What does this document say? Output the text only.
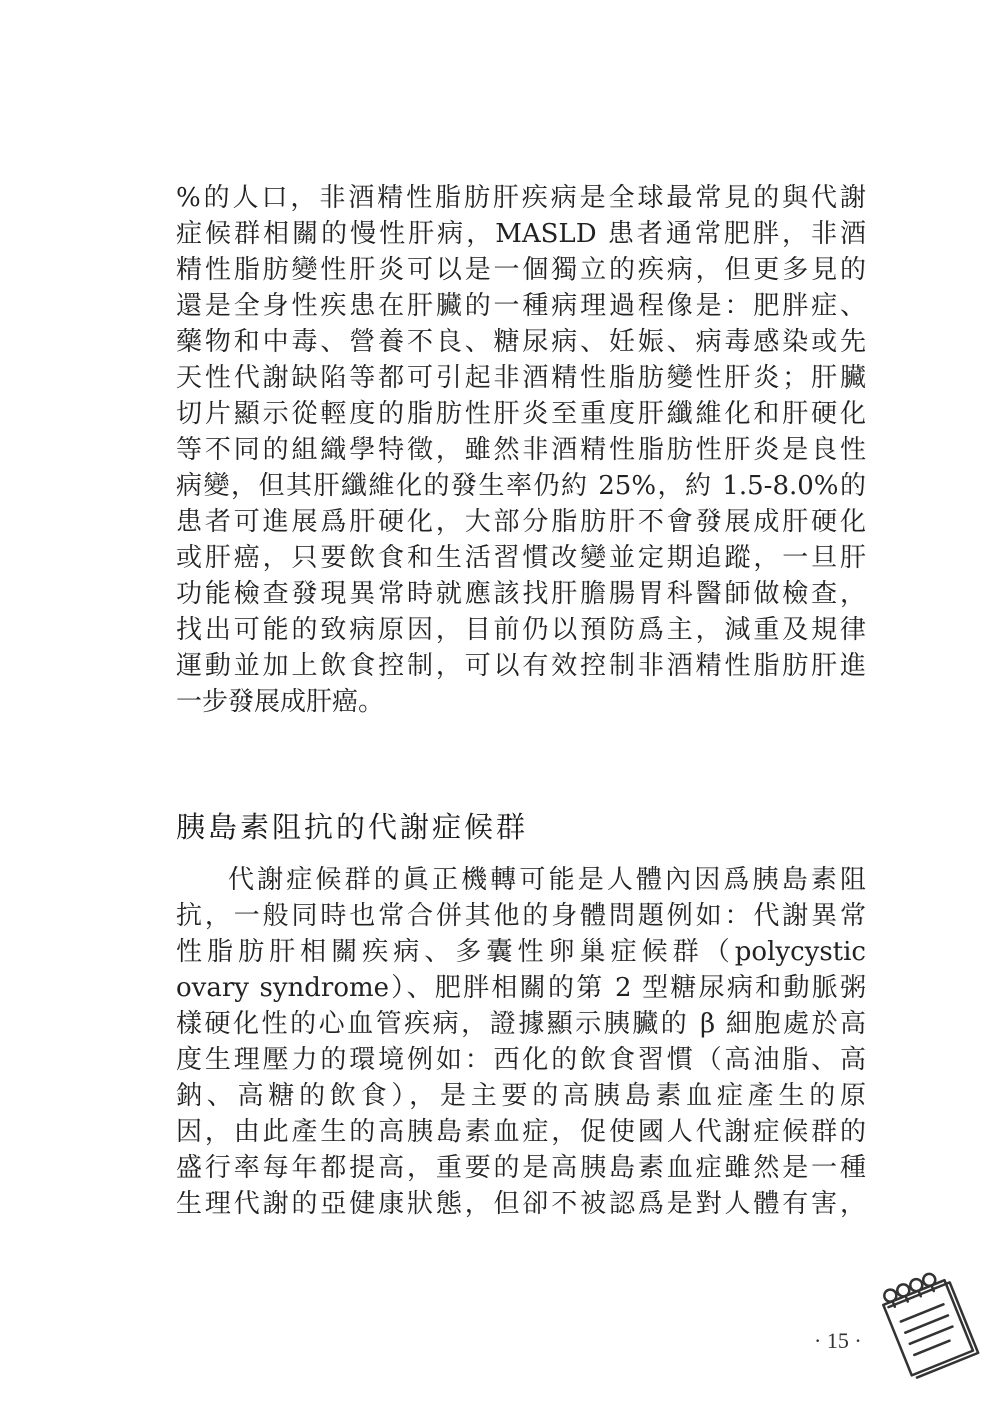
%的人口，非酒精性脂肪肝疾病是全球最常見的與代謝
症候群相關的慢性肝病，MASLD 患者通常肥胖，非酒
精性脂肪變性肝炎可以是一個獨立的疾病，但更多見的
還是全身性疾患在肝臟的一種病理過程像是：肥胖症、
藥物和中毒、營養不良、糖尿病、妊娠、病毒感染或先
天性代謝缺陷等都可引起非酒精性脂肪變性肝炎；肝臟
切片顯示從輕度的脂肪性肝炎至重度肝纖維化和肝硬化
等不同的組織學特徵，雖然非酒精性脂肪性肝炎是良性
病變，但其肝纖維化的發生率仍約 25%，約 1.5-8.0%的
患者可進展爲肝硬化，大部分脂肪肝不會發展成肝硬化
或肝癌，只要飲食和生活習慣改變並定期追蹤，一旦肝
功能檢查發現異常時就應該找肝膽腸胃科醫師做檢查，
找出可能的致病原因，目前仍以預防爲主，減重及規律
運動並加上飲食控制，可以有效控制非酒精性脂肪肝進
一步發展成肝癌。
胰島素阻抗的代謝症候群
代謝症候群的眞正機轉可能是人體內因爲胰島素阻
抗，一般同時也常合併其他的身體問題例如：代謝異常
性脂肪肝相關疾病、多囊性卵巢症候群（polycystic
ovary syndrome）、肥胖相關的第 2 型糖尿病和動脈粥
樣硬化性的心血管疾病，證據顯示胰臟的 β 細胞處於高
度生理壓力的環境例如：西化的飲食習慣（高油脂、高
鈉、高糖的飲食），是主要的高胰島素血症產生的原
因，由此產生的高胰島素血症，促使國人代謝症候群的
盛行率每年都提高，重要的是高胰島素血症雖然是一種
生理代謝的亞健康狀態，但卻不被認爲是對人體有害，
· 15 ·
